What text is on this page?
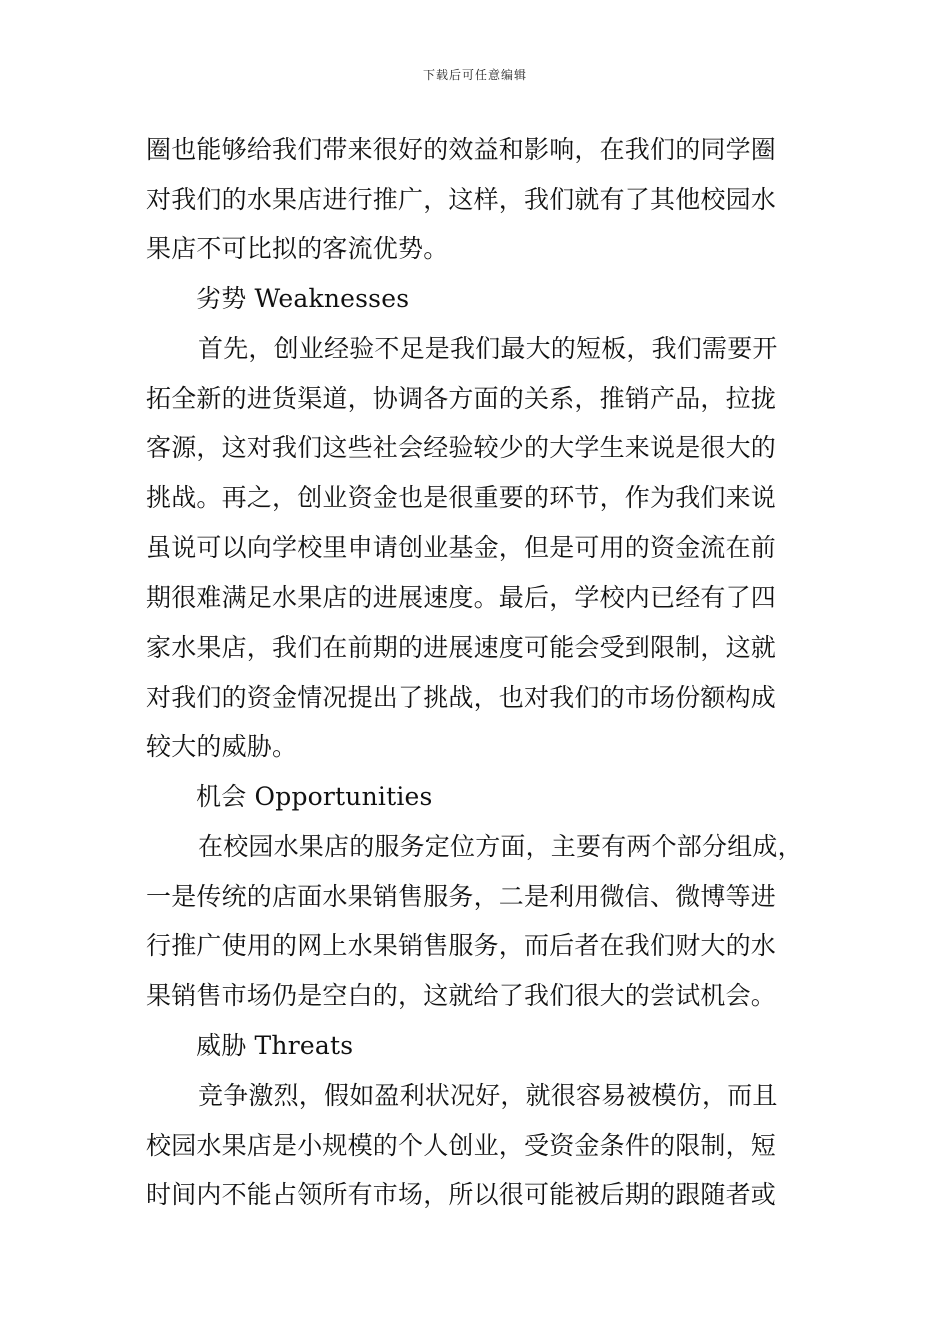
下载后可任意编辑
圈也能够给我们带来很好的效益和影响，在我们的同学圈
对我们的水果店进行推广，这样，我们就有了其他校园水
果店不可比拟的客流优势。
劣势 Weaknesses
首先，创业经验不足是我们最大的短板，我们需要开
拓全新的进货渠道，协调各方面的关系，推销产品，拉拢
客源，这对我们这些社会经验较少的大学生来说是很大的
挑战。再之，创业资金也是很重要的环节，作为我们来说
虽说可以向学校里申请创业基金，但是可用的资金流在前
期很难满足水果店的进展速度。最后，学校内已经有了四
家水果店，我们在前期的进展速度可能会受到限制，这就
对我们的资金情况提出了挑战，也对我们的市场份额构成
较大的威胁。
机会 Opportunities
在校园水果店的服务定位方面，主要有两个部分组成，
一是传统的店面水果销售服务，二是利用微信、微博等进
行推广使用的网上水果销售服务，而后者在我们财大的水
果销售市场仍是空白的，这就给了我们很大的尝试机会。
威胁 Threats
竞争激烈，假如盈利状况好，就很容易被模仿，而且
校园水果店是小规模的个人创业，受资金条件的限制，短
时间内不能占领所有市场，所以很可能被后期的跟随者或
